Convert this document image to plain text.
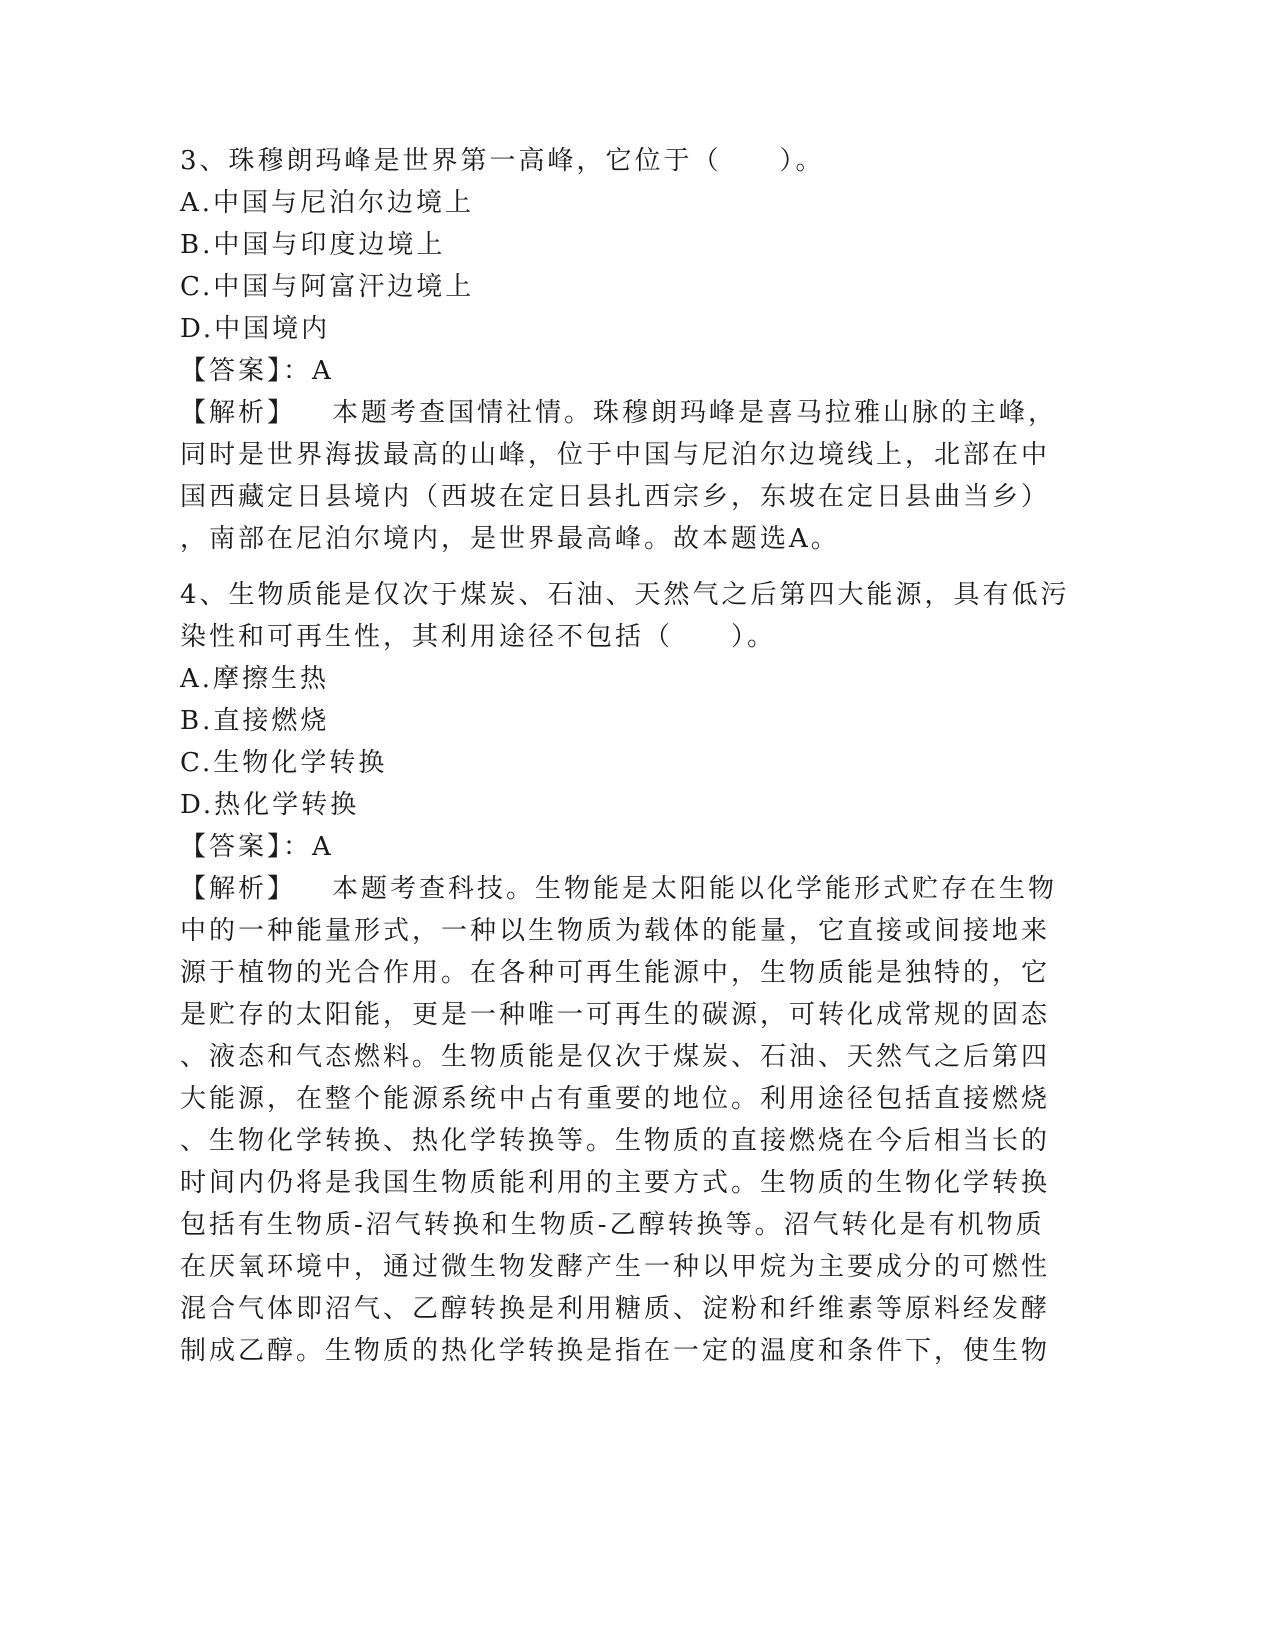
3、珠穆朗玛峰是世界第一高峰，它位于（　　）。
A.中国与尼泊尔边境上
B.中国与印度边境上
C.中国与阿富汗边境上
D.中国境内
【答案】：A
【解析】 本题考查国情社情。珠穆朗玛峰是喜马拉雅山脉的主峰，
同时是世界海拔最高的山峰，位于中国与尼泊尔边境线上，北部在中
国西藏定日县境内（西坡在定日县扎西宗乡，东坡在定日县曲当乡）
，南部在尼泊尔境内，是世界最高峰。故本题选A。
4、生物质能是仅次于煤炭、石油、天然气之后第四大能源，具有低污
染性和可再生性，其利用途径不包括（　　）。
A.摩擦生热
B.直接燃烧
C.生物化学转换
D.热化学转换
【答案】：A
【解析】 本题考查科技。生物能是太阳能以化学能形式贮存在生物
中的一种能量形式，一种以生物质为载体的能量，它直接或间接地来
源于植物的光合作用。在各种可再生能源中，生物质能是独特的，它
是贮存的太阳能，更是一种唯一可再生的碳源，可转化成常规的固态
、液态和气态燃料。生物质能是仅次于煤炭、石油、天然气之后第四
大能源，在整个能源系统中占有重要的地位。利用途径包括直接燃烧
、生物化学转换、热化学转换等。生物质的直接燃烧在今后相当长的
时间内仍将是我国生物质能利用的主要方式。生物质的生物化学转换
包括有生物质-沼气转换和生物质-乙醇转换等。沼气转化是有机物质
在厌氧环境中，通过微生物发酵产生一种以甲烷为主要成分的可燃性
混合气体即沼气、乙醇转换是利用糖质、淀粉和纤维素等原料经发酵
制成乙醇。生物质的热化学转换是指在一定的温度和条件下，使生物
